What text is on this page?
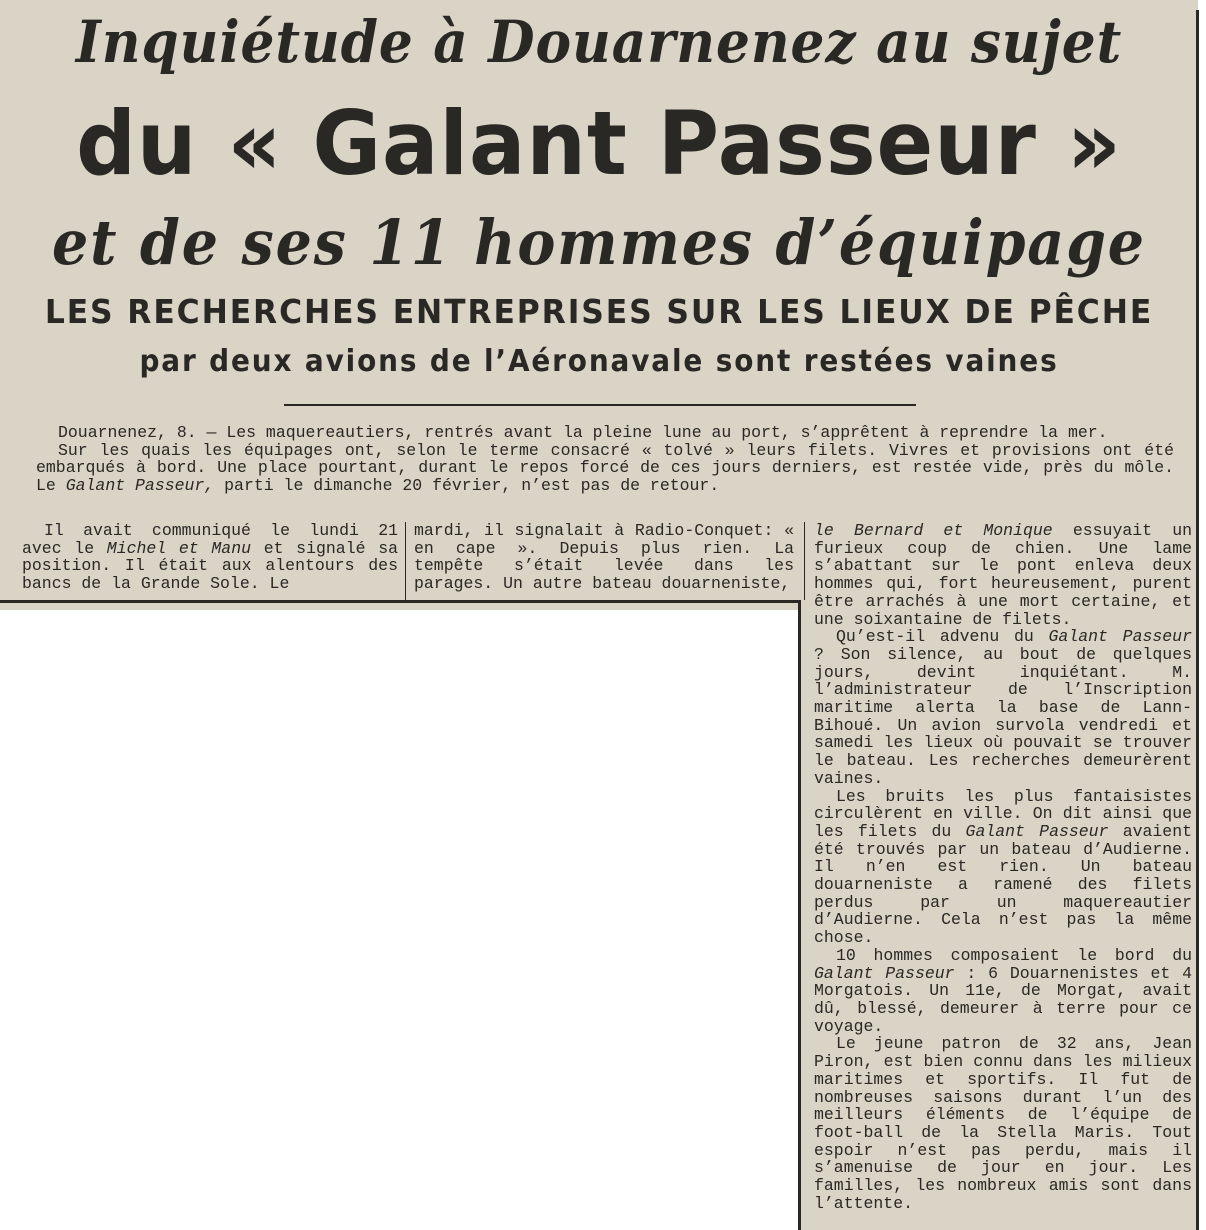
Inquiétude à Douarnenez au sujet
du « Galant Passeur »
et de ses 11 hommes d’équipage
LES RECHERCHES ENTREPRISES SUR LES LIEUX DE PÊCHE
par deux avions de l’Aéronavale sont restées vaines

Douarnenez, 8. — Les maquereautiers, rentrés avant la pleine lune au port, s’apprêtent à reprendre la mer.

Sur les quais les équipages ont, selon le terme consacré « tolvé » leurs filets. Vivres et provisions ont été embarqués à bord. Une place pourtant, durant le repos forcé de ces jours derniers, est restée vide, près du môle. Le Galant Passeur, parti le dimanche 20 février, n’est pas de retour.

Il avait communiqué le lundi 21 avec le Michel et Manu et signalé sa position. Il était aux alentours des bancs de la Grande Sole. Le

mardi, il signalait à Radio-Conquet: « en cape ». Depuis plus rien. La tempête s’était levée dans les parages. Un autre bateau douarneniste,

le Bernard et Monique essuyait un furieux coup de chien. Une lame s’abattant sur le pont enleva deux hommes qui, fort heureusement, purent être arrachés à une mort certaine, et une soixantaine de filets.

Qu’est-il advenu du Galant Passeur ? Son silence, au bout de quelques jours, devint inquiétant. M. l’administrateur de l’Inscription maritime alerta la base de Lann-Bihoué. Un avion survola vendredi et samedi les lieux où pouvait se trouver le bateau. Les recherches demeurèrent vaines.

Les bruits les plus fantaisistes circulèrent en ville. On dit ainsi que les filets du Galant Passeur avaient été trouvés par un bateau d’Audierne. Il n’en est rien. Un bateau douarneniste a ramené des filets perdus par un maquereautier d’Audierne. Cela n’est pas la même chose.

10 hommes composaient le bord du Galant Passeur : 6 Douarnenistes et 4 Morgatois. Un 11e, de Morgat, avait dû, blessé, demeurer à terre pour ce voyage.

Le jeune patron de 32 ans, Jean Piron, est bien connu dans les milieux maritimes et sportifs. Il fut de nombreuses saisons durant l’un des meilleurs éléments de l’équipe de foot-ball de la Stella Maris. Tout espoir n’est pas perdu, mais il s’amenuise de jour en jour. Les familles, les nombreux amis sont dans l’attente.
